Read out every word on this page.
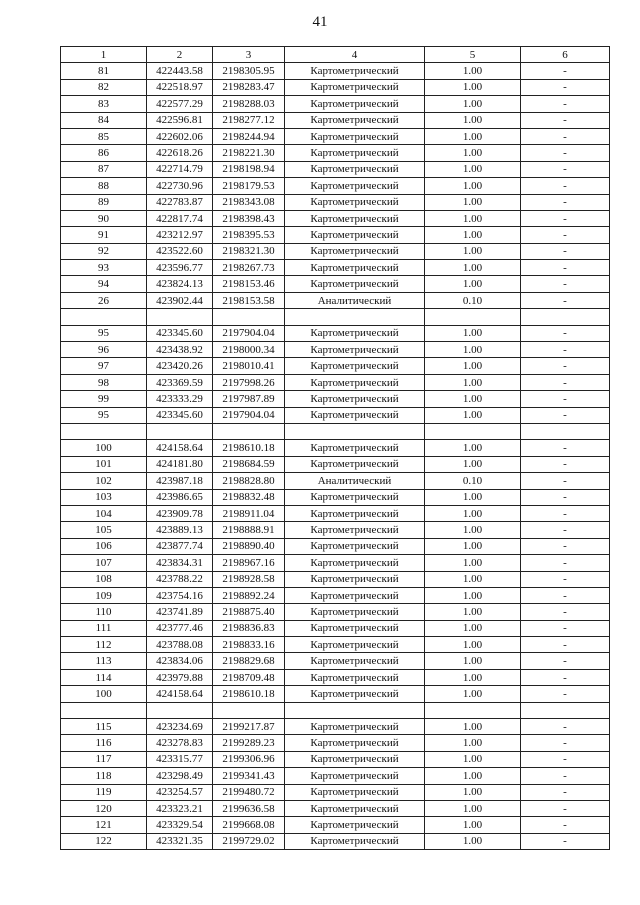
41
1	2	3	4	5	6
81	422443.58	2198305.95	Картометрический	1.00	-
82	422518.97	2198283.47	Картометрический	1.00	-
83	422577.29	2198288.03	Картометрический	1.00	-
84	422596.81	2198277.12	Картометрический	1.00	-
85	422602.06	2198244.94	Картометрический	1.00	-
86	422618.26	2198221.30	Картометрический	1.00	-
87	422714.79	2198198.94	Картометрический	1.00	-
88	422730.96	2198179.53	Картометрический	1.00	-
89	422783.87	2198343.08	Картометрический	1.00	-
90	422817.74	2198398.43	Картометрический	1.00	-
91	423212.97	2198395.53	Картометрический	1.00	-
92	423522.60	2198321.30	Картометрический	1.00	-
93	423596.77	2198267.73	Картометрический	1.00	-
94	423824.13	2198153.46	Картометрический	1.00	-
26	423902.44	2198153.58	Аналитический	0.10	-

95	423345.60	2197904.04	Картометрический	1.00	-
96	423438.92	2198000.34	Картометрический	1.00	-
97	423420.26	2198010.41	Картометрический	1.00	-
98	423369.59	2197998.26	Картометрический	1.00	-
99	423333.29	2197987.89	Картометрический	1.00	-
95	423345.60	2197904.04	Картометрический	1.00	-

100	424158.64	2198610.18	Картометрический	1.00	-
101	424181.80	2198684.59	Картометрический	1.00	-
102	423987.18	2198828.80	Аналитический	0.10	-
103	423986.65	2198832.48	Картометрический	1.00	-
104	423909.78	2198911.04	Картометрический	1.00	-
105	423889.13	2198888.91	Картометрический	1.00	-
106	423877.74	2198890.40	Картометрический	1.00	-
107	423834.31	2198967.16	Картометрический	1.00	-
108	423788.22	2198928.58	Картометрический	1.00	-
109	423754.16	2198892.24	Картометрический	1.00	-
110	423741.89	2198875.40	Картометрический	1.00	-
111	423777.46	2198836.83	Картометрический	1.00	-
112	423788.08	2198833.16	Картометрический	1.00	-
113	423834.06	2198829.68	Картометрический	1.00	-
114	423979.88	2198709.48	Картометрический	1.00	-
100	424158.64	2198610.18	Картометрический	1.00	-

115	423234.69	2199217.87	Картометрический	1.00	-
116	423278.83	2199289.23	Картометрический	1.00	-
117	423315.77	2199306.96	Картометрический	1.00	-
118	423298.49	2199341.43	Картометрический	1.00	-
119	423254.57	2199480.72	Картометрический	1.00	-
120	423323.21	2199636.58	Картометрический	1.00	-
121	423329.54	2199668.08	Картометрический	1.00	-
122	423321.35	2199729.02	Картометрический	1.00	-
